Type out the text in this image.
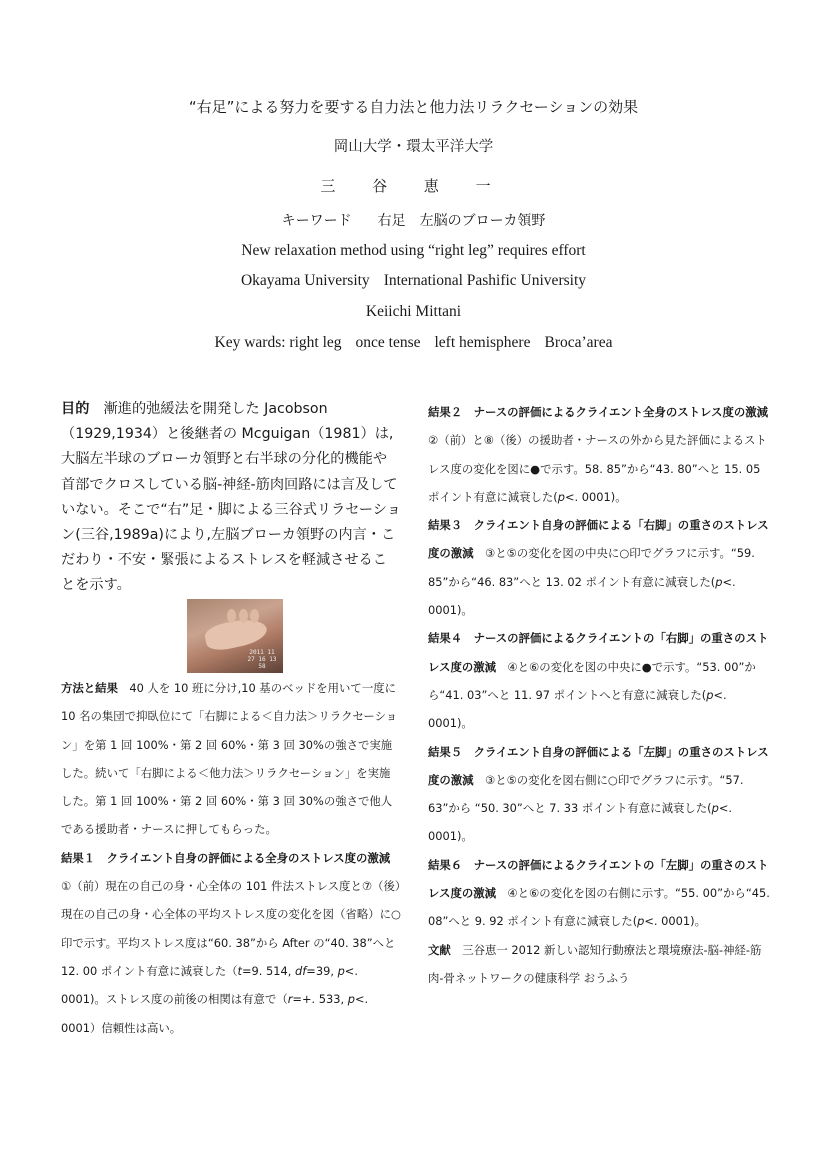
“右足”による努力を要する自力法と他力法リラクセーションの効果
岡山大学・環太平洋大学
三 谷 恵 一
キーワード 右足　左脳のブローカ領野
New relaxation method using “right leg” requires effort
Okayama University International Pashific University
Keiichi Mittani
Key wards: right leg once tense left hemisphere Broca’area

目的　 漸進的弛緩法を開発した Jacobson（1929,1934）と後継者の Mcguigan（1981）は,大脳左半球のブローカ領野と右半球の分化的機能や首部でクロスしている脳-神経-筋肉回路には言及していない。そこで“右”足・脚による三谷式リラセーション(三谷,1989a)により,左脳ブローカ領野の内言・こだわり・不安・緊張によるストレスを軽減させることを示す。

2011 11 27 16 13 58

方法と結果　 40 人を 10 班に分け,10 基のベッドを用いて一度に 10 名の集団で抑臥位にて「右脚による＜自力法＞リラクセーション」を第 1 回 100%・第 2 回 60%・第 3 回 30%の強さで実施した。続いて「右脚による＜他力法＞リラクセーション」を実施した。第 1 回 100%・第 2 回 60%・第 3 回 30%の強さで他人である援助者・ナースに押してもらった。

結果１　クライエント自身の評価による全身のストレス度の激減　①（前）現在の自己の身・心全体の 101 件法ストレス度と⑦（後）現在の自己の身・心全体の平均ストレス度の変化を図（省略）に○印で示す。平均ストレス度は“60. 38”から After の“40. 38”へと 12. 00 ポイント有意に減衰した（t=9. 514, df=39, p<. 0001)。ストレス度の前後の相関は有意で（r=+. 533, p<. 0001）信頼性は高い。

結果２　ナースの評価によるクライエント全身のストレス度の激減　②（前）と⑧（後）の援助者・ナースの外から見た評価によるストレス度の変化を図に●で示す。58. 85”から“43. 80”へと 15. 05 ポイント有意に減衰した(p<. 0001)。

結果３　クライエント自身の評価による「右脚」の重さのストレス度の激減　 ③と⑤の変化を図の中央に○印でグラフに示す。“59. 85”から“46. 83”へと 13. 02 ポイント有意に減衰した(p<. 0001)。

結果４　ナースの評価によるクライエントの「右脚」の重さのストレス度の激減　 ④と⑥の変化を図の中央に●で示す。“53. 00”から“41. 03”へと 11. 97 ポイントへと有意に減衰した(p<. 0001)。

結果５　クライエント自身の評価による「左脚」の重さのストレス度の激減　 ③と⑤の変化を図右側に○印でグラフに示す。“57. 63”から “50. 30”へと 7. 33 ポイント有意に減衰した(p<. 0001)。

結果６　ナースの評価によるクライエントの「左脚」の重さのストレス度の激減　 ④と⑥の変化を図の右側に示す。“55. 00”から“45. 08”へと 9. 92 ポイント有意に減衰した(p<. 0001)。

文献　 三谷恵一 2012 新しい認知行動療法と環境療法-脳-神経-筋肉-骨ネットワークの健康科学 おうふう
